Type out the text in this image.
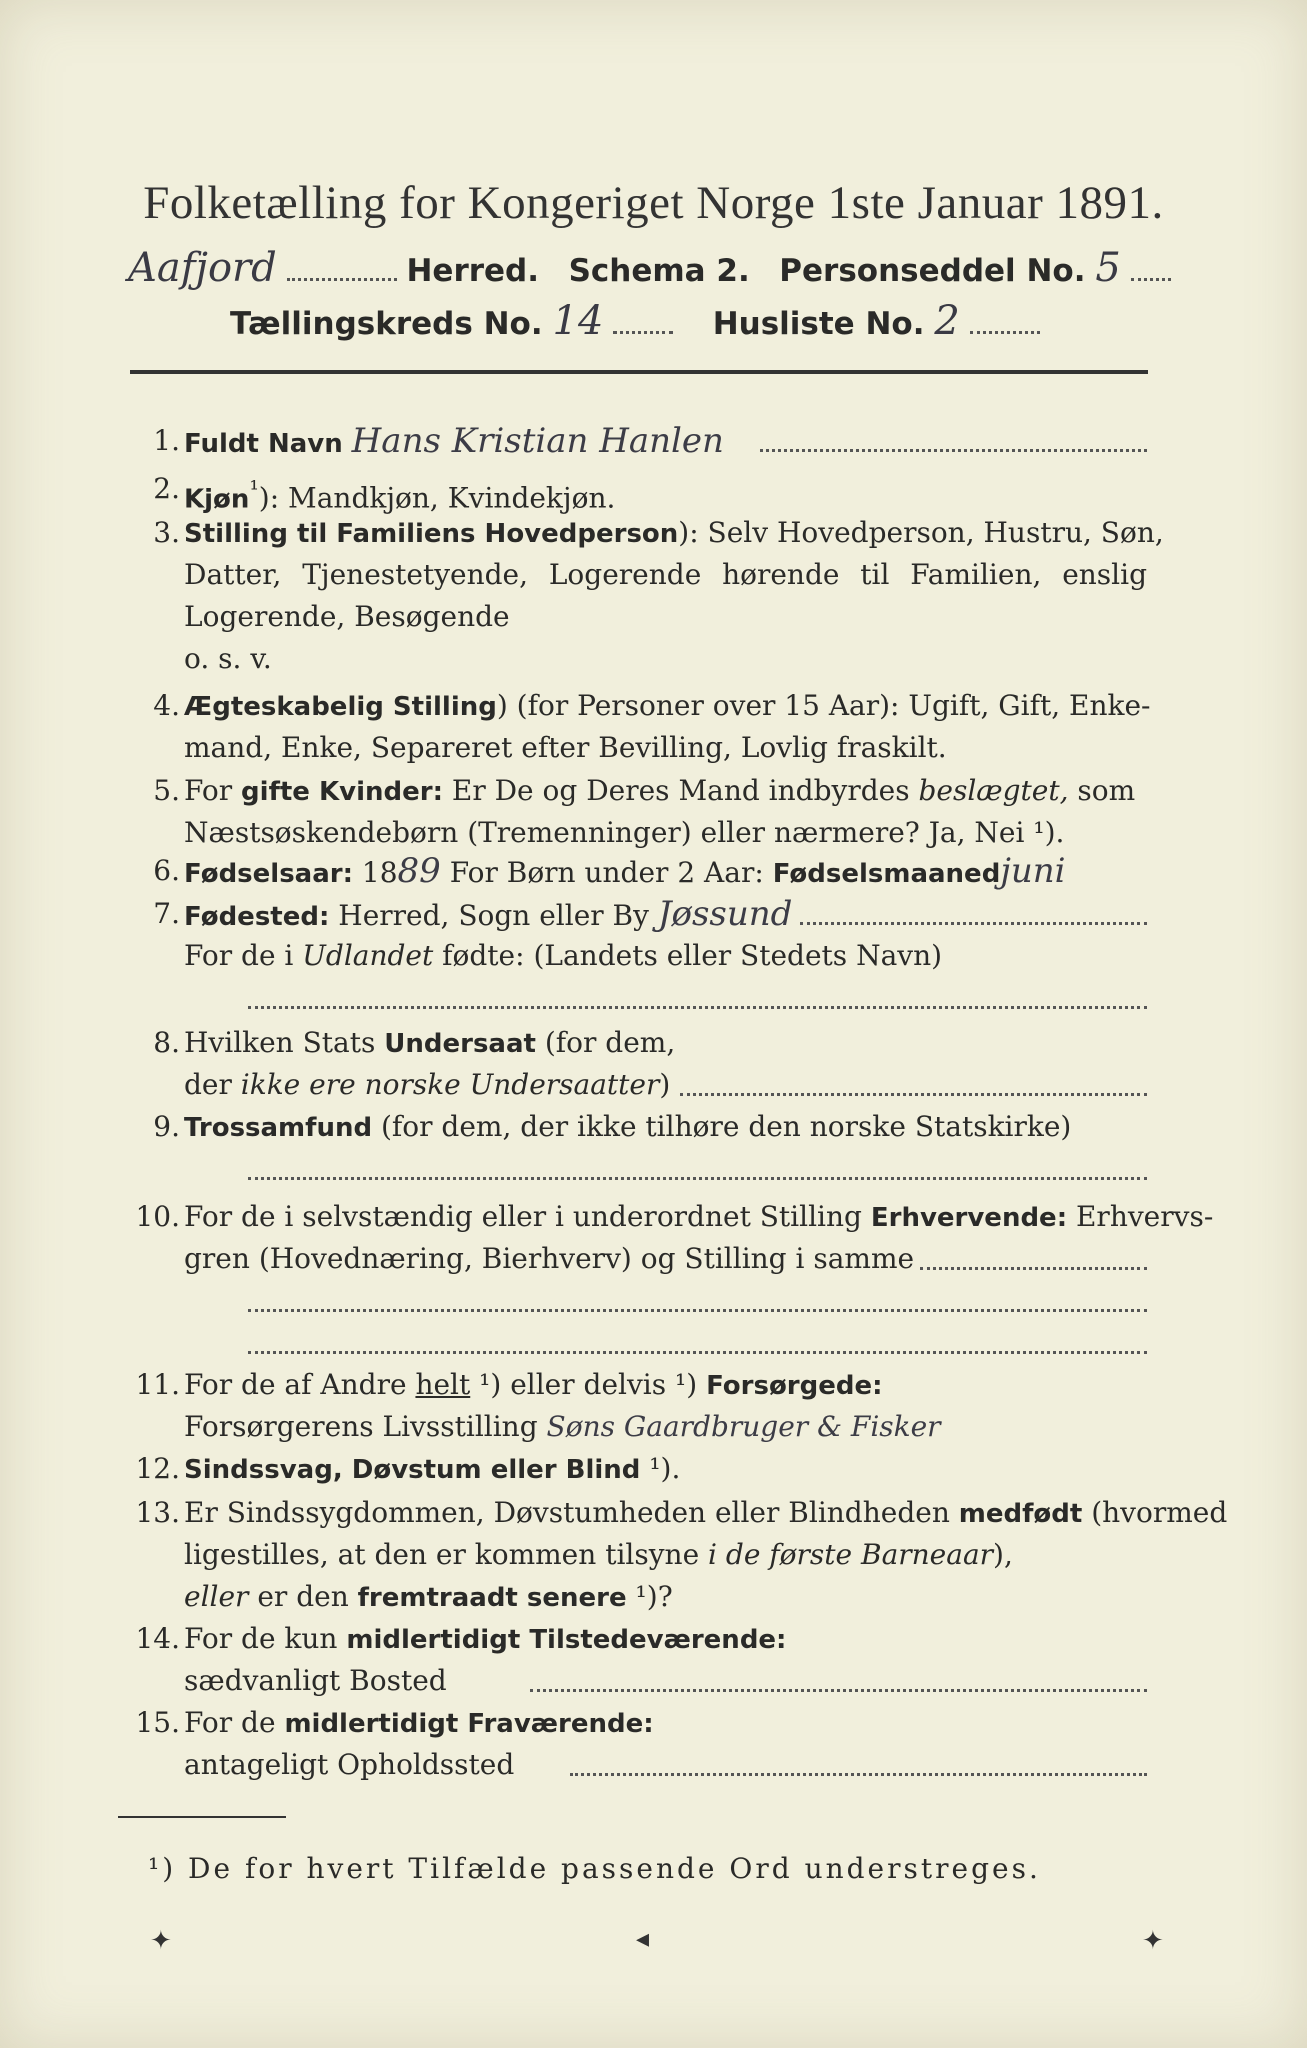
Folketælling for Kongeriget Norge 1ste Januar 1891.
Aafjord	Herred. Schema 2. Personseddel No. 5
Tællingskreds No. 14	Husliste No. 2
1. Fuldt Navn Hans Kristian Hanlen
2. Kjøn$^{^1}$): Mandkjøn, Kvindekjøn.
3. Stilling til Familiens Hovedperson): Selv Hovedperson, Hustru, Søn,
Datter, Tjenestetyende, Logerende hørende til Familien, enslig
Logerende, Besøgende
o. s. v.
4. Ægteskabelig Stilling) (for Personer over 15 Aar): Ugift, Gift, Enke-
mand, Enke, Separeret efter Bevilling, Lovlig fraskilt.
5. For gifte Kvinder: Er De og Deres Mand indbyrdes beslægtet, som
Næstsøskendebørn (Tremenninger) eller nærmere? Ja, Nei ¹).
6. Fødselsaar: 1889 For Børn under 2 Aar: Fødselsmaanedjuni
7. Fødested: Herred, Sogn eller By Jøssund
For de i Udlandet fødte: (Landets eller Stedets Navn)
8. Hvilken Stats Undersaat (for dem,
der ikke ere norske Undersaatter)
9. Trossamfund (for dem, der ikke tilhøre den norske Statskirke)
10. For de i selvstændig eller i underordnet Stilling Erhvervende: Erhvervs-
gren (Hovednæring, Bierhverv) og Stilling i samme
11. For de af Andre helt ¹) eller delvis ¹) Forsørgede:
Forsørgerens Livsstilling Søns Gaardbruger & Fisker
12. Sindssvag, Døvstum eller Blind ¹).
13. Er Sindssygdommen, Døvstumheden eller Blindheden medfødt (hvormed
ligestilles, at den er kommen tilsyne i de første Barneaar),
eller er den fremtraadt senere ¹)?
14. For de kun midlertidigt Tilstedeværende:
sædvanligt Bosted
15. For de midlertidigt Fraværende:
antageligt Opholdssted
¹) De for hvert Tilfælde passende Ord understreges.
✦	◂	✦
